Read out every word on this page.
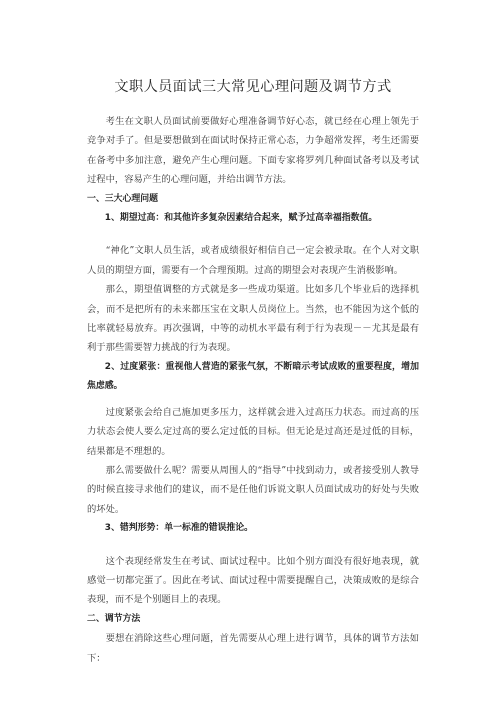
文职人员面试三大常见心理问题及调节方式

考生在文职人员面试前要做好心理准备调节好心态，就已经在心理上领先于竞争对手了。但是要想做到在面试时保持正常心态，力争超常发挥，考生还需要在备考中多加注意，避免产生心理问题。下面专家将罗列几种面试备考以及考试过程中，容易产生的心理问题，并给出调节方法。

一、三大心理问题

1、期望过高：和其他许多复杂因素结合起来，赋予过高幸福指数值。

“神化”文职人员生活，或者成绩很好相信自己一定会被录取。在个人对文职人员的期望方面，需要有一个合理预期。过高的期望会对表现产生消极影响。

那么，期望值调整的方式就是多一些成功渠道。比如多几个毕业后的选择机会，而不是把所有的未来都压宝在文职人员岗位上。当然，也不能因为这个低的比率就轻易放弃。再次强调，中等的动机水平最有利于行为表现－－尤其是最有利于那些需要智力挑战的行为表现。

2、过度紧张：重视他人营造的紧张气氛，不断暗示考试成败的重要程度，增加焦虑感。

过度紧张会给自己施加更多压力，这样就会进入过高压力状态。而过高的压力状态会使人要么定过高的要么定过低的目标。但无论是过高还是过低的目标，结果都是不理想的。

那么需要做什么呢？需要从周围人的“指导”中找到动力，或者接受别人教导的时候直接寻求他们的建议，而不是任他们诉说文职人员面试成功的好处与失败的坏处。

3、错判形势：单一标准的错误推论。

这个表现经常发生在考试、面试过程中。比如个别方面没有很好地表现，就感觉一切都完蛋了。因此在考试、面试过程中需要提醒自己，决策成败的是综合表现，而不是个别题目上的表现。

二、调节方法

要想在消除这些心理问题，首先需要从心理上进行调节，具体的调节方法如下：
